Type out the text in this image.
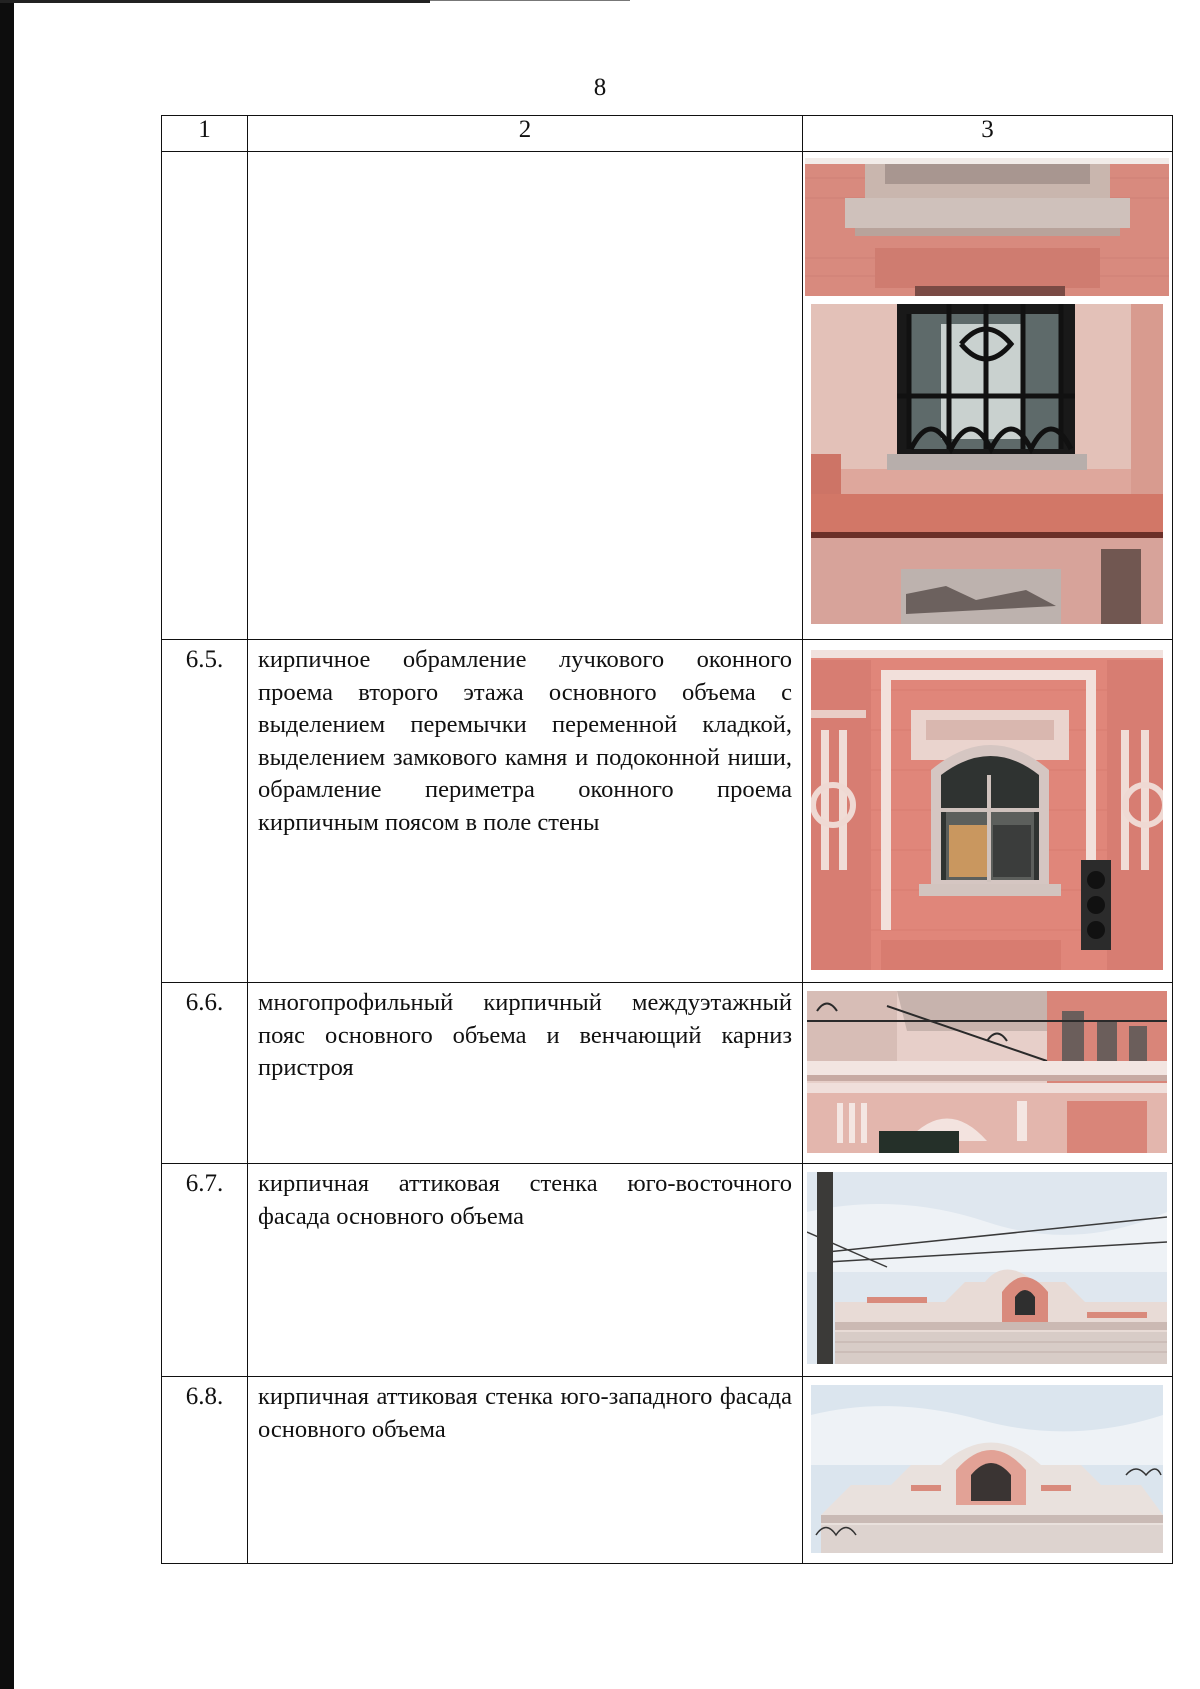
8
1	2	3

6.5.	кирпичное обрамление лучкового оконного проема второго этажа основного объема с выделением перемычки переменной кладкой, выделением замкового камня и подоконной ниши, обрамление периметра оконного проема кирпичным поясом в поле стены	

6.6.	многопрофильный кирпичный междуэтажный пояс основного объема и венчающий карниз пристроя	

6.7.	кирпичная аттиковая стенка юго-восточного фасада основного объема	

6.8.	кирпичная аттиковая стенка юго-западного фасада основного объема	
